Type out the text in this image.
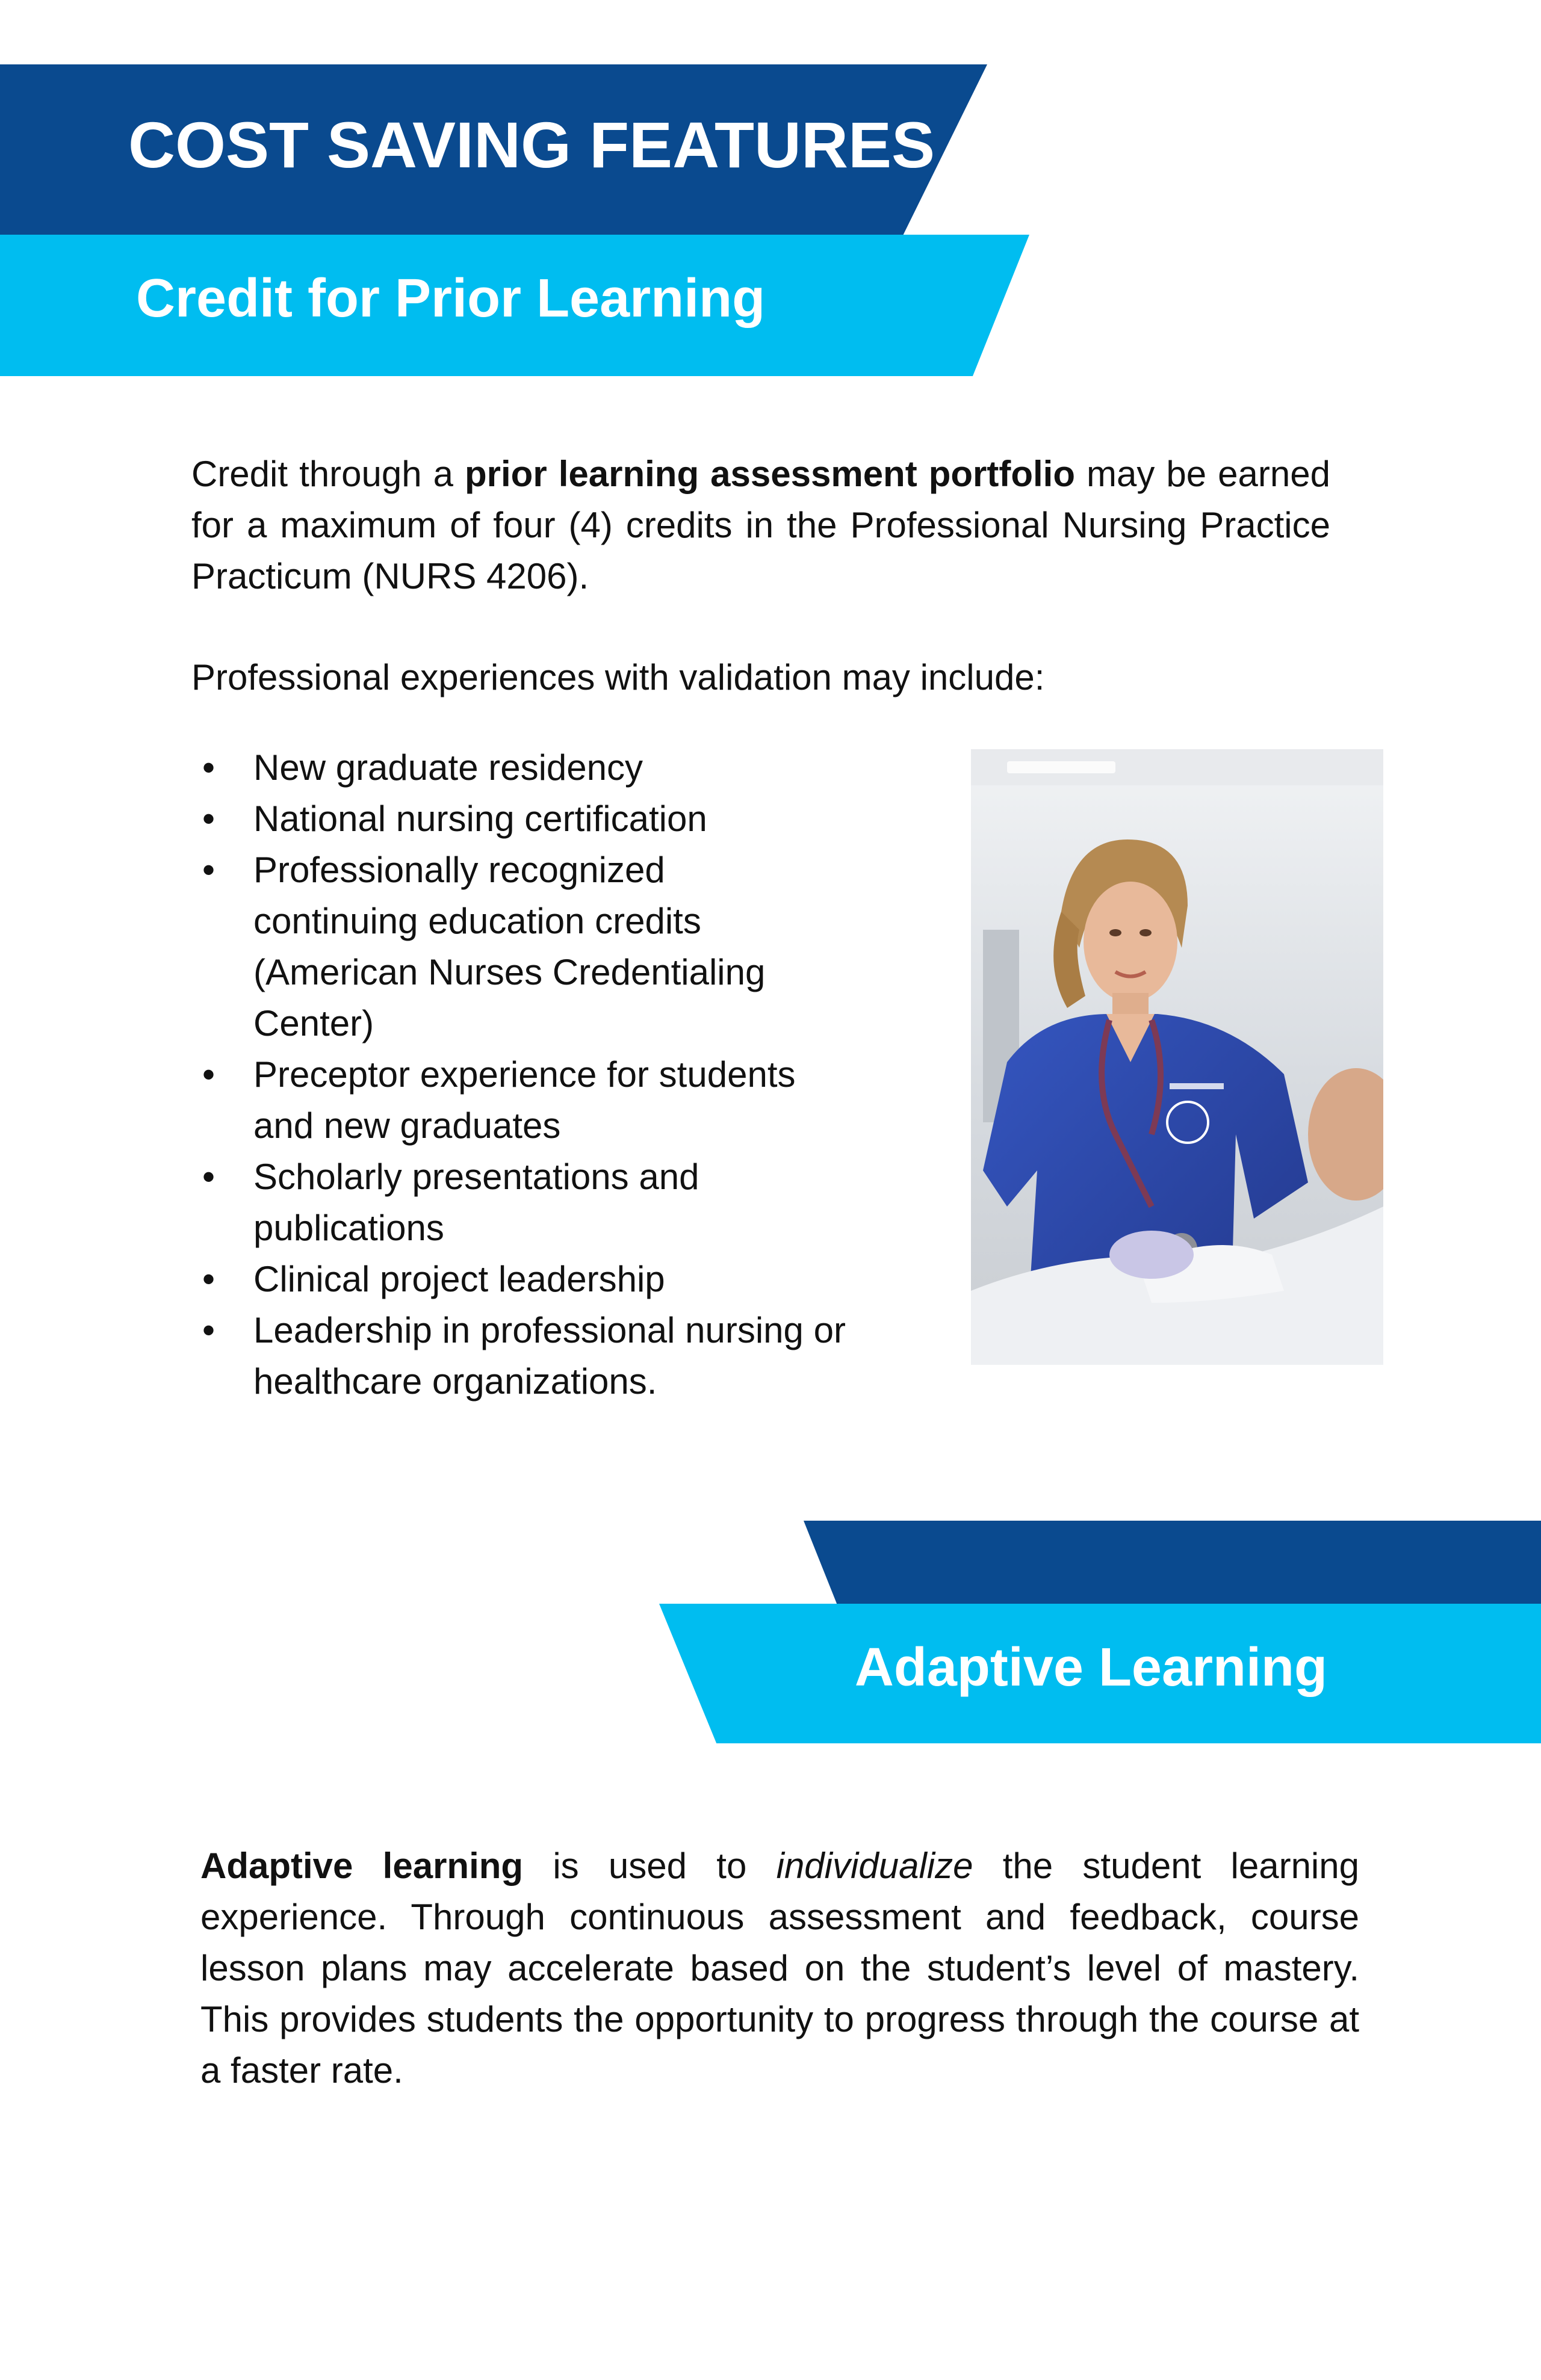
COST SAVING FEATURES
Credit for Prior Learning

Credit through a prior learning assessment portfolio may be earned for a maximum of four (4) credits in the Professional Nursing Practice Practicum (NURS 4206).

Professional experiences with validation may include:

• New graduate residency
• National nursing certification
• Professionally recognized continuing education credits (American Nurses Credentialing Center)
• Preceptor experience for students and new graduates
• Scholarly presentations and publications
• Clinical project leadership
• Leadership in professional nursing or healthcare organizations.
Adaptive Learning

Adaptive learning is used to individualize the student learning experience. Through continuous assessment and feedback, course lesson plans may accelerate based on the student’s level of mastery. This provides students the opportunity to progress through the course at a faster rate.
